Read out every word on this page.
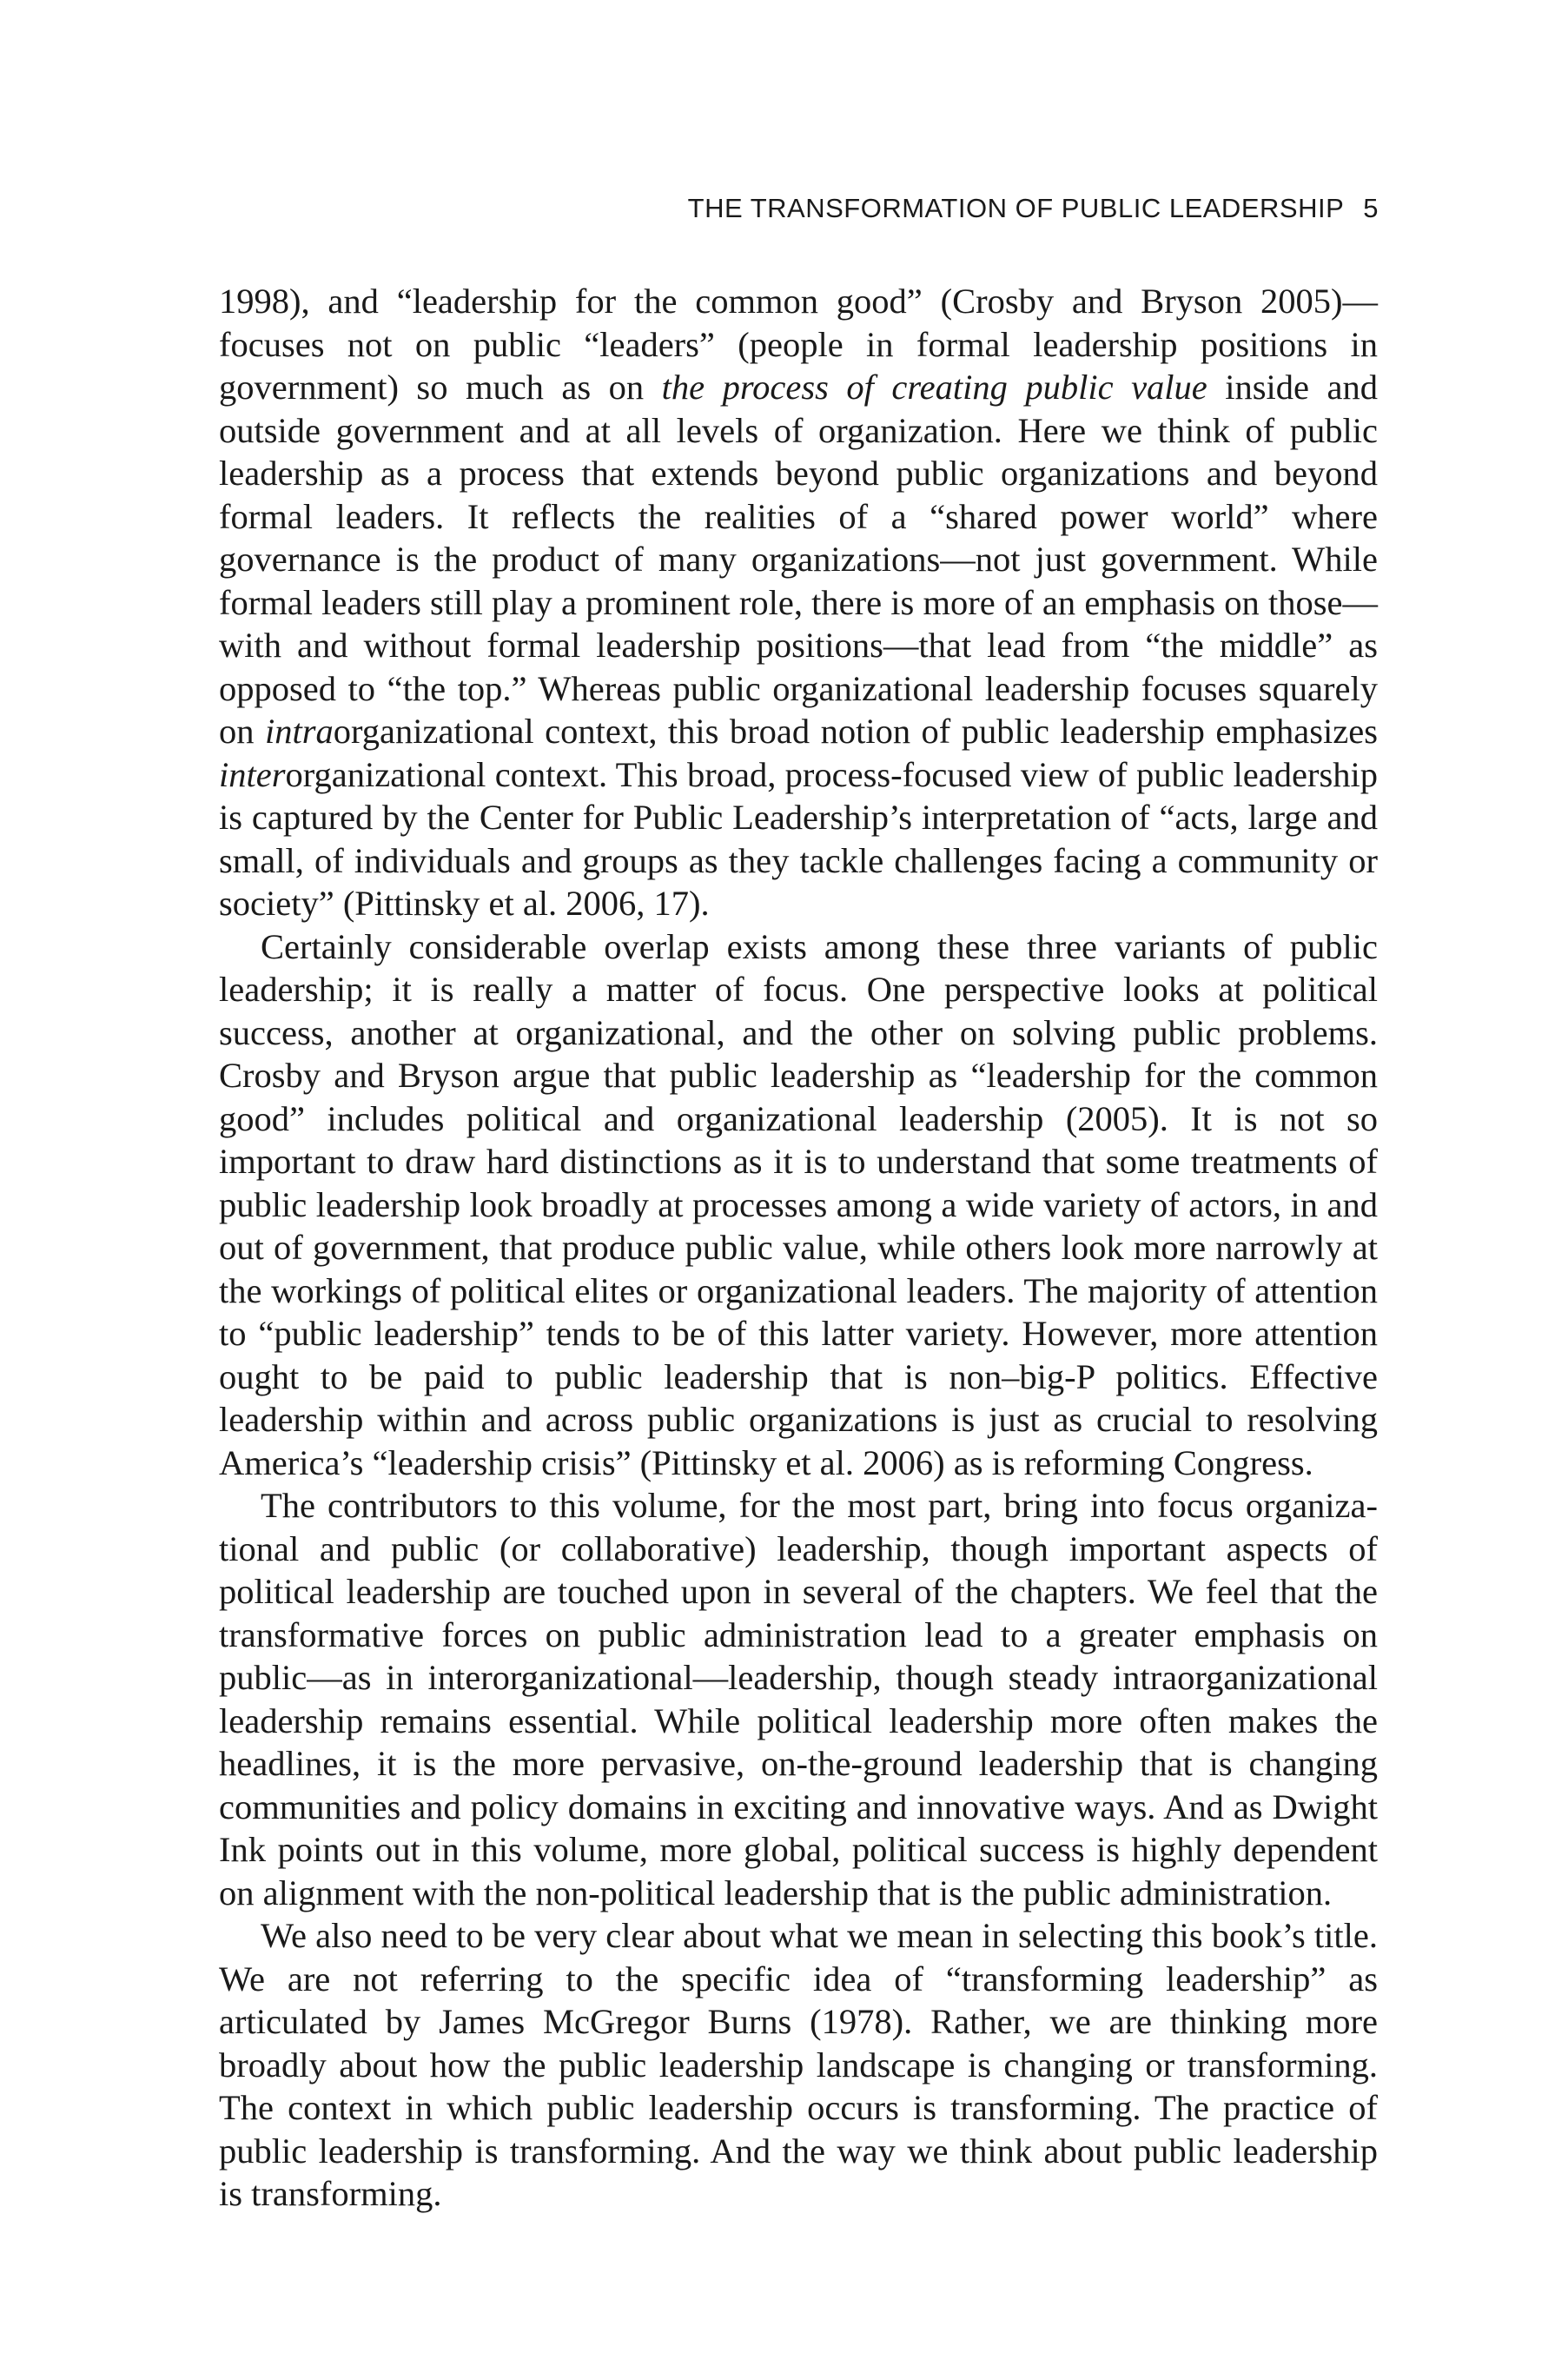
THE TRANSFORMATION OF PUBLIC LEADERSHIP 5

1998), and “leadership for the common good” (Crosby and Bryson 2005)—focuses not on public “leaders” (people in formal leadership positions in government) so much as on the process of creating public value inside and outside government and at all levels of organization. Here we think of public leadership as a process that extends beyond public organizations and beyond formal leaders. It reflects the realities of a “shared power world” where governance is the product of many organizations—not just government. While formal leaders still play a prominent role, there is more of an emphasis on those—with and without formal leadership positions—that lead from “the middle” as opposed to “the top.” Whereas public organizational leadership focuses squarely on intraorganizational context, this broad notion of public leadership emphasizes interorganizational context. This broad, process-focused view of public leadership is captured by the Center for Public Leadership’s interpretation of “acts, large and small, of individuals and groups as they tackle challenges facing a community or society” (Pittinsky et al. 2006, 17).

Certainly considerable overlap exists among these three variants of public leadership; it is really a matter of focus. One perspective looks at political success, another at organizational, and the other on solving public problems. Crosby and Bryson argue that public leadership as “leadership for the common good” includes political and organizational leadership (2005). It is not so important to draw hard distinctions as it is to understand that some treatments of public leadership look broadly at processes among a wide variety of actors, in and out of government, that produce public value, while others look more narrowly at the workings of political elites or organizational leaders. The majority of attention to “public leadership” tends to be of this latter variety. However, more attention ought to be paid to public leadership that is non–big-P politics. Effective leadership within and across public organizations is just as crucial to resolving America’s “leadership crisis” (Pittinsky et al. 2006) as is reforming Congress.

The contributors to this volume, for the most part, bring into focus organizational and public (or collaborative) leadership, though important aspects of political leadership are touched upon in several of the chapters. We feel that the transformative forces on public administration lead to a greater emphasis on public—as in interorganizational—leadership, though steady intraorganizational leadership remains essential. While political leadership more often makes the headlines, it is the more pervasive, on-the-ground leadership that is changing communities and policy domains in exciting and innovative ways. And as Dwight Ink points out in this volume, more global, political success is highly dependent on alignment with the non-political leadership that is the public administration.

We also need to be very clear about what we mean in selecting this book’s title. We are not referring to the specific idea of “transforming leadership” as articulated by James McGregor Burns (1978). Rather, we are thinking more broadly about how the public leadership landscape is changing or transforming. The context in which public leadership occurs is transforming. The practice of public leadership is transforming. And the way we think about public leadership is transforming.
